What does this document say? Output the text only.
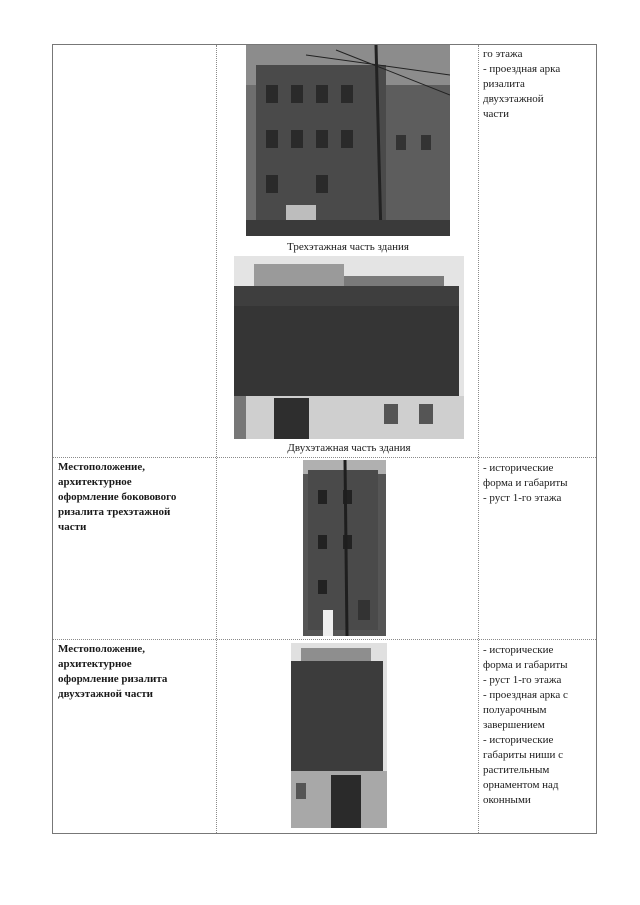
Трехэтажная часть здания
Двухэтажная часть здания
го этажа
- проездная арка
ризалита
двухэтажной
части
Местоположение,
архитектурное
оформление боковового
ризалита трехэтажной
части
- исторические
форма и габариты
- руст 1-го этажа
Местоположение,
архитектурное
оформление ризалита
двухэтажной части
- исторические
форма и габариты
- руст 1-го этажа
- проездная арка с
полуарочным
завершением
- исторические
габариты ниши с
растительным
орнаментом над
оконными
